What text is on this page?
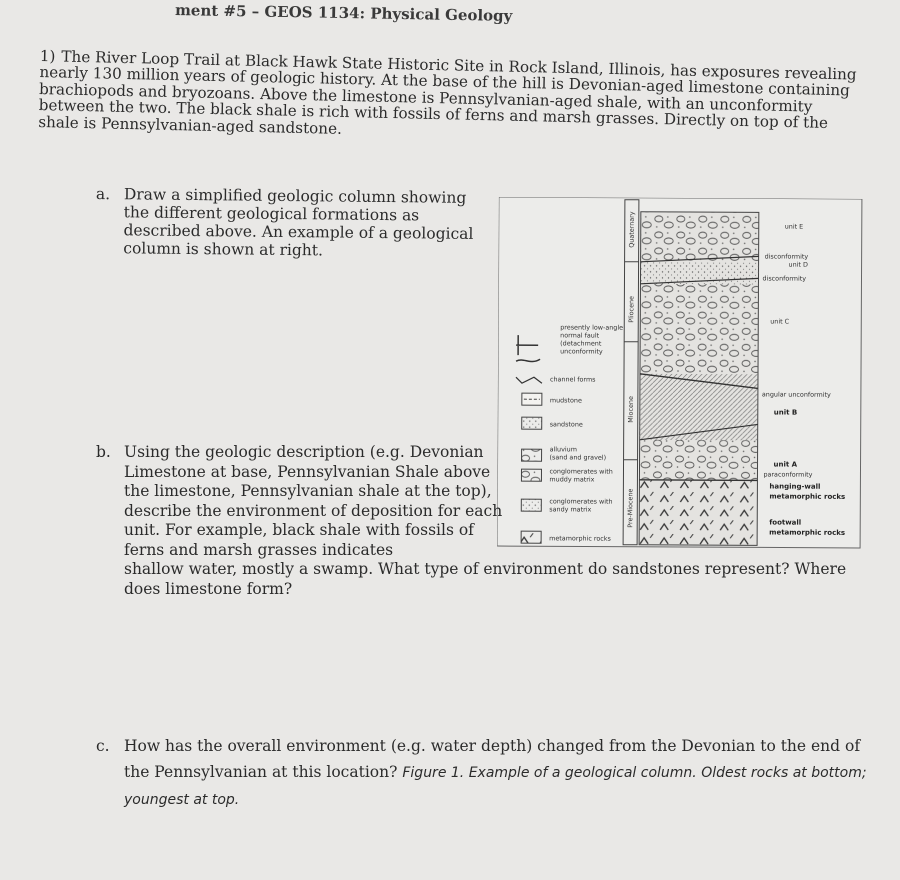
ment #5 – GEOS 1134: Physical Geology
1) The River Loop Trail at Black Hawk State Historic Site in Rock Island, Illinois, has exposures revealing nearly 130 million years of geologic history. At the base of the hill is Devonian-aged limestone containing brachiopods and bryozoans. Above the limestone is Pennsylvanian-aged shale, with an unconformity between the two. The black shale is rich with fossils of ferns and marsh grasses. Directly on top of the shale is Pennsylvanian-aged sandstone.
a. Draw a simplified geologic column showing the different geological formations as described above. An example of a geological column is shown at right.
Quaternary
Pliocene
Miocene
Pre-Miocene
unit E
disconformity
unit D
disconformity
unit C
angular unconformity
unit B
unit A
paraconformity
hanging-wall
metamorphic rocks
footwall
metamorphic rocks
presently low-angle
normal fault
(detachment
unconformity
channel forms
mudstone
sandstone
alluvium
(sand and gravel)
conglomerates with
muddy matrix
conglomerates with
sandy matrix
metamorphic rocks
b. Using the geologic description (e.g. Devonian Limestone at base, Pennsylvanian Shale above the limestone, Pennsylvanian shale at the top), describe the environment of deposition for each unit. For example, black shale with fossils of ferns and marsh grasses indicates
shallow water, mostly a swamp. What type of environment do sandstones represent? Where does limestone form?
c. How has the overall environment (e.g. water depth) changed from the Devonian to the end of the Pennsylvanian at this location? Figure 1. Example of a geological column. Oldest rocks at bottom; youngest at top.
